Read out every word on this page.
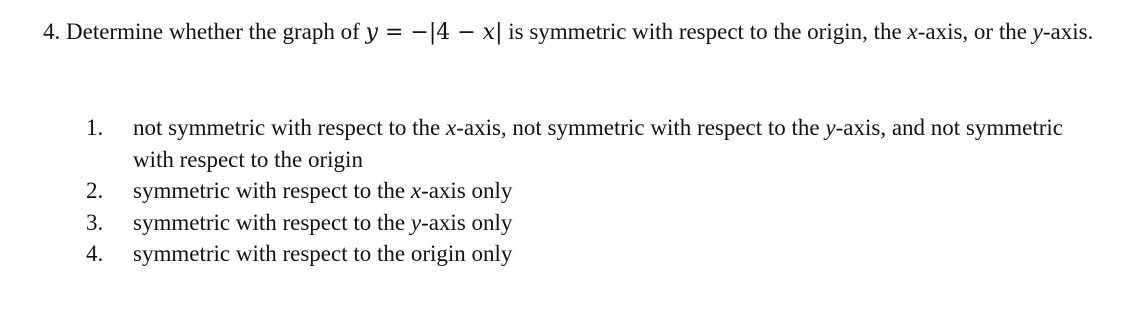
4. Determine whether the graph of y = −|4 − x| is symmetric with respect to the origin, the x-axis, or the y-axis.
1.	not symmetric with respect to the x-axis, not symmetric with respect to the y-axis, and not symmetric with respect to the origin
2.	symmetric with respect to the x-axis only
3.	symmetric with respect to the y-axis only
4.	symmetric with respect to the origin only
